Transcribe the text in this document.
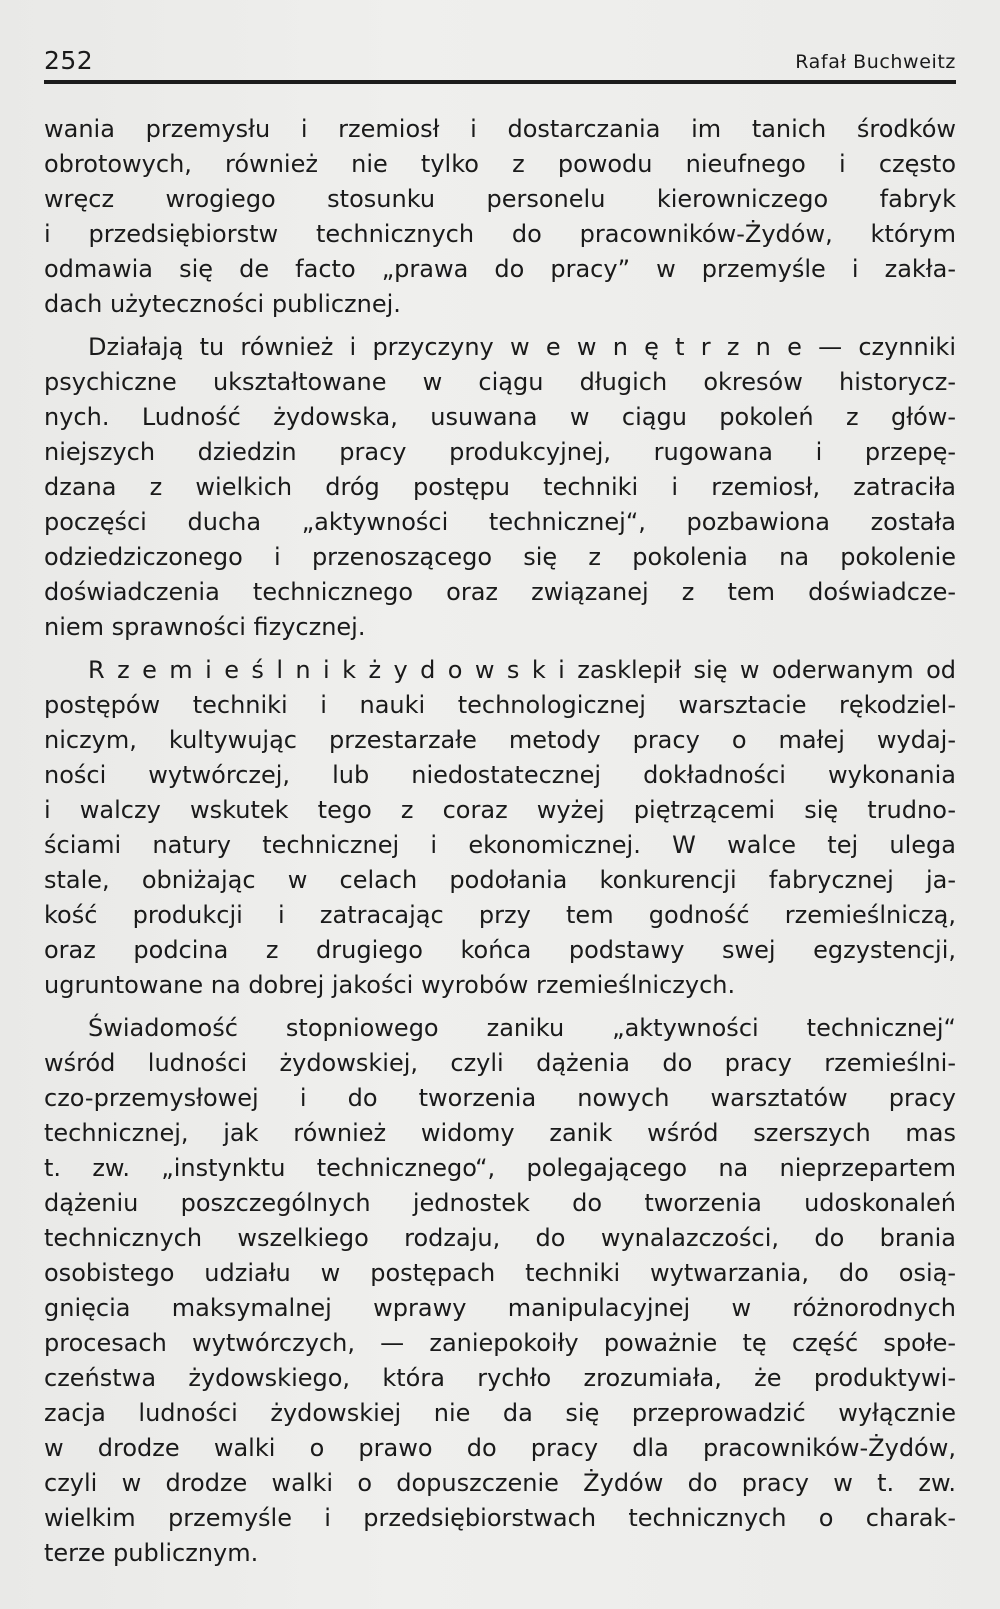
252	Rafał Buchweitz
wania przemysłu i rzemiosł i dostarczania im tanich środków
obrotowych, również nie tylko z powodu nieufnego i często
wręcz wrogiego stosunku personelu kierowniczego fabryk
i przedsiębiorstw technicznych do pracowników-Żydów, którym
odmawia się de facto „prawa do pracy” w przemyśle i zakła-
dach użyteczności publicznej.
Działają tu również i przyczyny w e w n ę t r z n e — czynniki
psychiczne ukształtowane w ciągu długich okresów historycz-
nych. Ludność żydowska, usuwana w ciągu pokoleń z głów-
niejszych dziedzin pracy produkcyjnej, rugowana i przepę-
dzana z wielkich dróg postępu techniki i rzemiosł, zatraciła
poczęści ducha „aktywności technicznej“, pozbawiona została
odziedziczonego i przenoszącego się z pokolenia na pokolenie
doświadczenia technicznego oraz związanej z tem doświadcze-
niem sprawności fizycznej.
R z e m i e ś l n i k ż y d o w s k i zasklepił się w oderwanym od
postępów techniki i nauki technologicznej warsztacie rękodziel-
niczym, kultywując przestarzałe metody pracy o małej wydaj-
ności wytwórczej, lub niedostatecznej dokładności wykonania
i walczy wskutek tego z coraz wyżej piętrzącemi się trudno-
ściami natury technicznej i ekonomicznej. W walce tej ulega
stale, obniżając w celach podołania konkurencji fabrycznej ja-
kość produkcji i zatracając przy tem godność rzemieślniczą,
oraz podcina z drugiego końca podstawy swej egzystencji,
ugruntowane na dobrej jakości wyrobów rzemieślniczych.
Świadomość stopniowego zaniku „aktywności technicznej“
wśród ludności żydowskiej, czyli dążenia do pracy rzemieślni-
czo-przemysłowej i do tworzenia nowych warsztatów pracy
technicznej, jak również widomy zanik wśród szerszych mas
t. zw. „instynktu technicznego“, polegającego na nieprzepartem
dążeniu poszczególnych jednostek do tworzenia udoskonaleń
technicznych wszelkiego rodzaju, do wynalazczości, do brania
osobistego udziału w postępach techniki wytwarzania, do osią-
gnięcia maksymalnej wprawy manipulacyjnej w różnorodnych
procesach wytwórczych, — zaniepokoiły poważnie tę część społe-
czeństwa żydowskiego, która rychło zrozumiała, że produktywi-
zacja ludności żydowskiej nie da się przeprowadzić wyłącznie
w drodze walki o prawo do pracy dla pracowników-Żydów,
czyli w drodze walki o dopuszczenie Żydów do pracy w t. zw.
wielkim przemyśle i przedsiębiorstwach technicznych o charak-
terze publicznym.
